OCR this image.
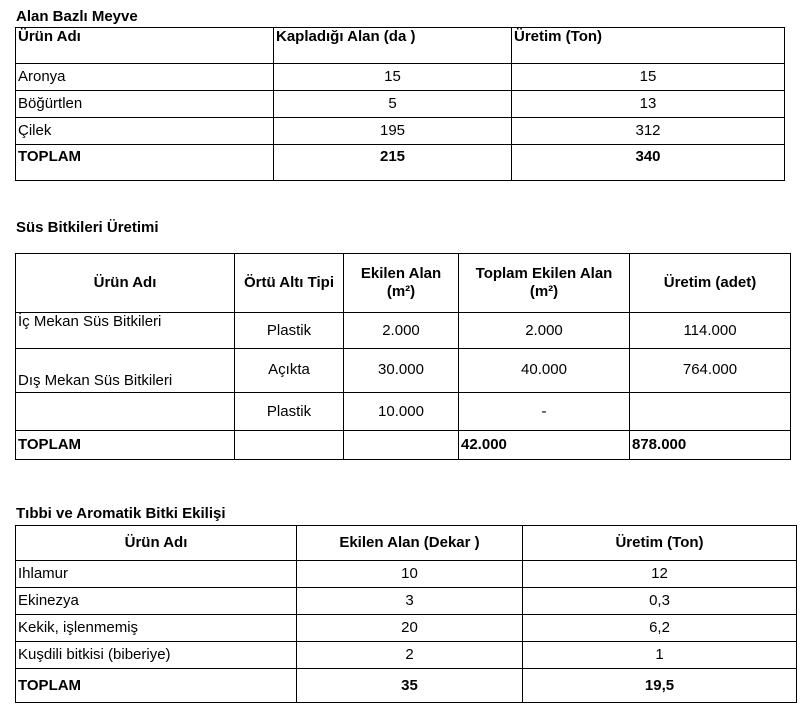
Alan Bazlı Meyve
Ürün Adı	Kapladığı Alan (da )	Üretim (Ton)
Aronya	15	15
Böğürtlen	5	13
Çilek	195	312
TOPLAM	215	340
Süs Bitkileri Üretimi
Ürün Adı	Örtü Altı Tipi	Ekilen Alan (m²)	Toplam Ekilen Alan (m²)	Üretim (adet)
İç Mekan Süs Bitkileri	Plastik	2.000	2.000	114.000
Dış Mekan Süs Bitkileri	Açıkta	30.000	40.000	764.000
	Plastik	10.000	-	
TOPLAM			42.000	878.000
Tıbbi ve Aromatik Bitki Ekilişi
Ürün Adı	Ekilen Alan (Dekar )	Üretim (Ton)
Ihlamur	10	12
Ekinezya	3	0,3
Kekik, işlenmemiş	20	6,2
Kuşdili bitkisi (biberiye)	2	1
TOPLAM	35	19,5
